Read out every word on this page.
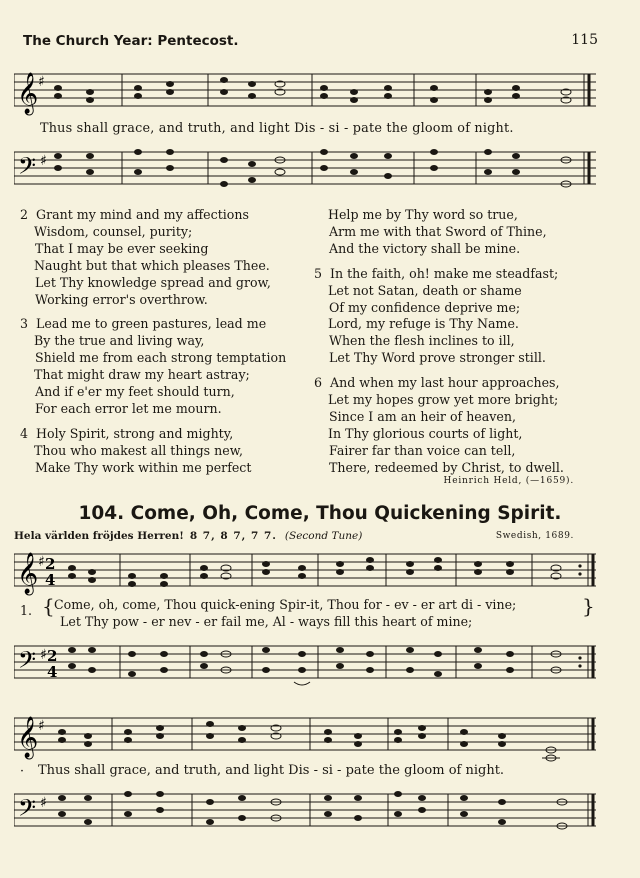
The Church Year: Pentecost.	115
𝄞 ♯
Thus shall grace, and truth, and light Dis - si - pate the gloom of night.
𝄢 ♯
2 Grant my mind and my affections
Wisdom, counsel, purity;
That I may be ever seeking
Naught but that which pleases Thee.
Let Thy knowledge spread and grow,
Working error's overthrow.
3 Lead me to green pastures, lead me
By the true and living way,
Shield me from each strong temptation
That might draw my heart astray;
And if e'er my feet should turn,
For each error let me mourn.
4 Holy Spirit, strong and mighty,
Thou who makest all things new,
Make Thy work within me perfect
Help me by Thy word so true,
Arm me with that Sword of Thine,
And the victory shall be mine.
5 In the faith, oh! make me steadfast;
Let not Satan, death or shame
Of my confidence deprive me;
Lord, my refuge is Thy Name.
When the flesh inclines to ill,
Let Thy Word prove stronger still.
6 And when my last hour approaches,
Let my hopes grow yet more bright;
Since I am an heir of heaven,
In Thy glorious courts of light,
Fairer far than voice can tell,
There, redeemed by Christ, to dwell.
Heinrich Held, (—1659).
104. Come, Oh, Come, Thou Quickening Spirit.
Hela världen fröjdes Herren! 8 7, 8 7, 7 7. (Second Tune)	Swedish, 1689.
𝄞 ♯ 2
4
{
1. Come, oh, come, Thou quick-ening Spir-it, Thou for - ev - er art di - vine;
Let Thy pow - er nev - er fail me, Al - ways fill this heart of mine;
}
𝄢 ♯ 2
4
𝄞 ♯
· Thus shall grace, and truth, and light Dis - si - pate the gloom of night.
𝄢 ♯
